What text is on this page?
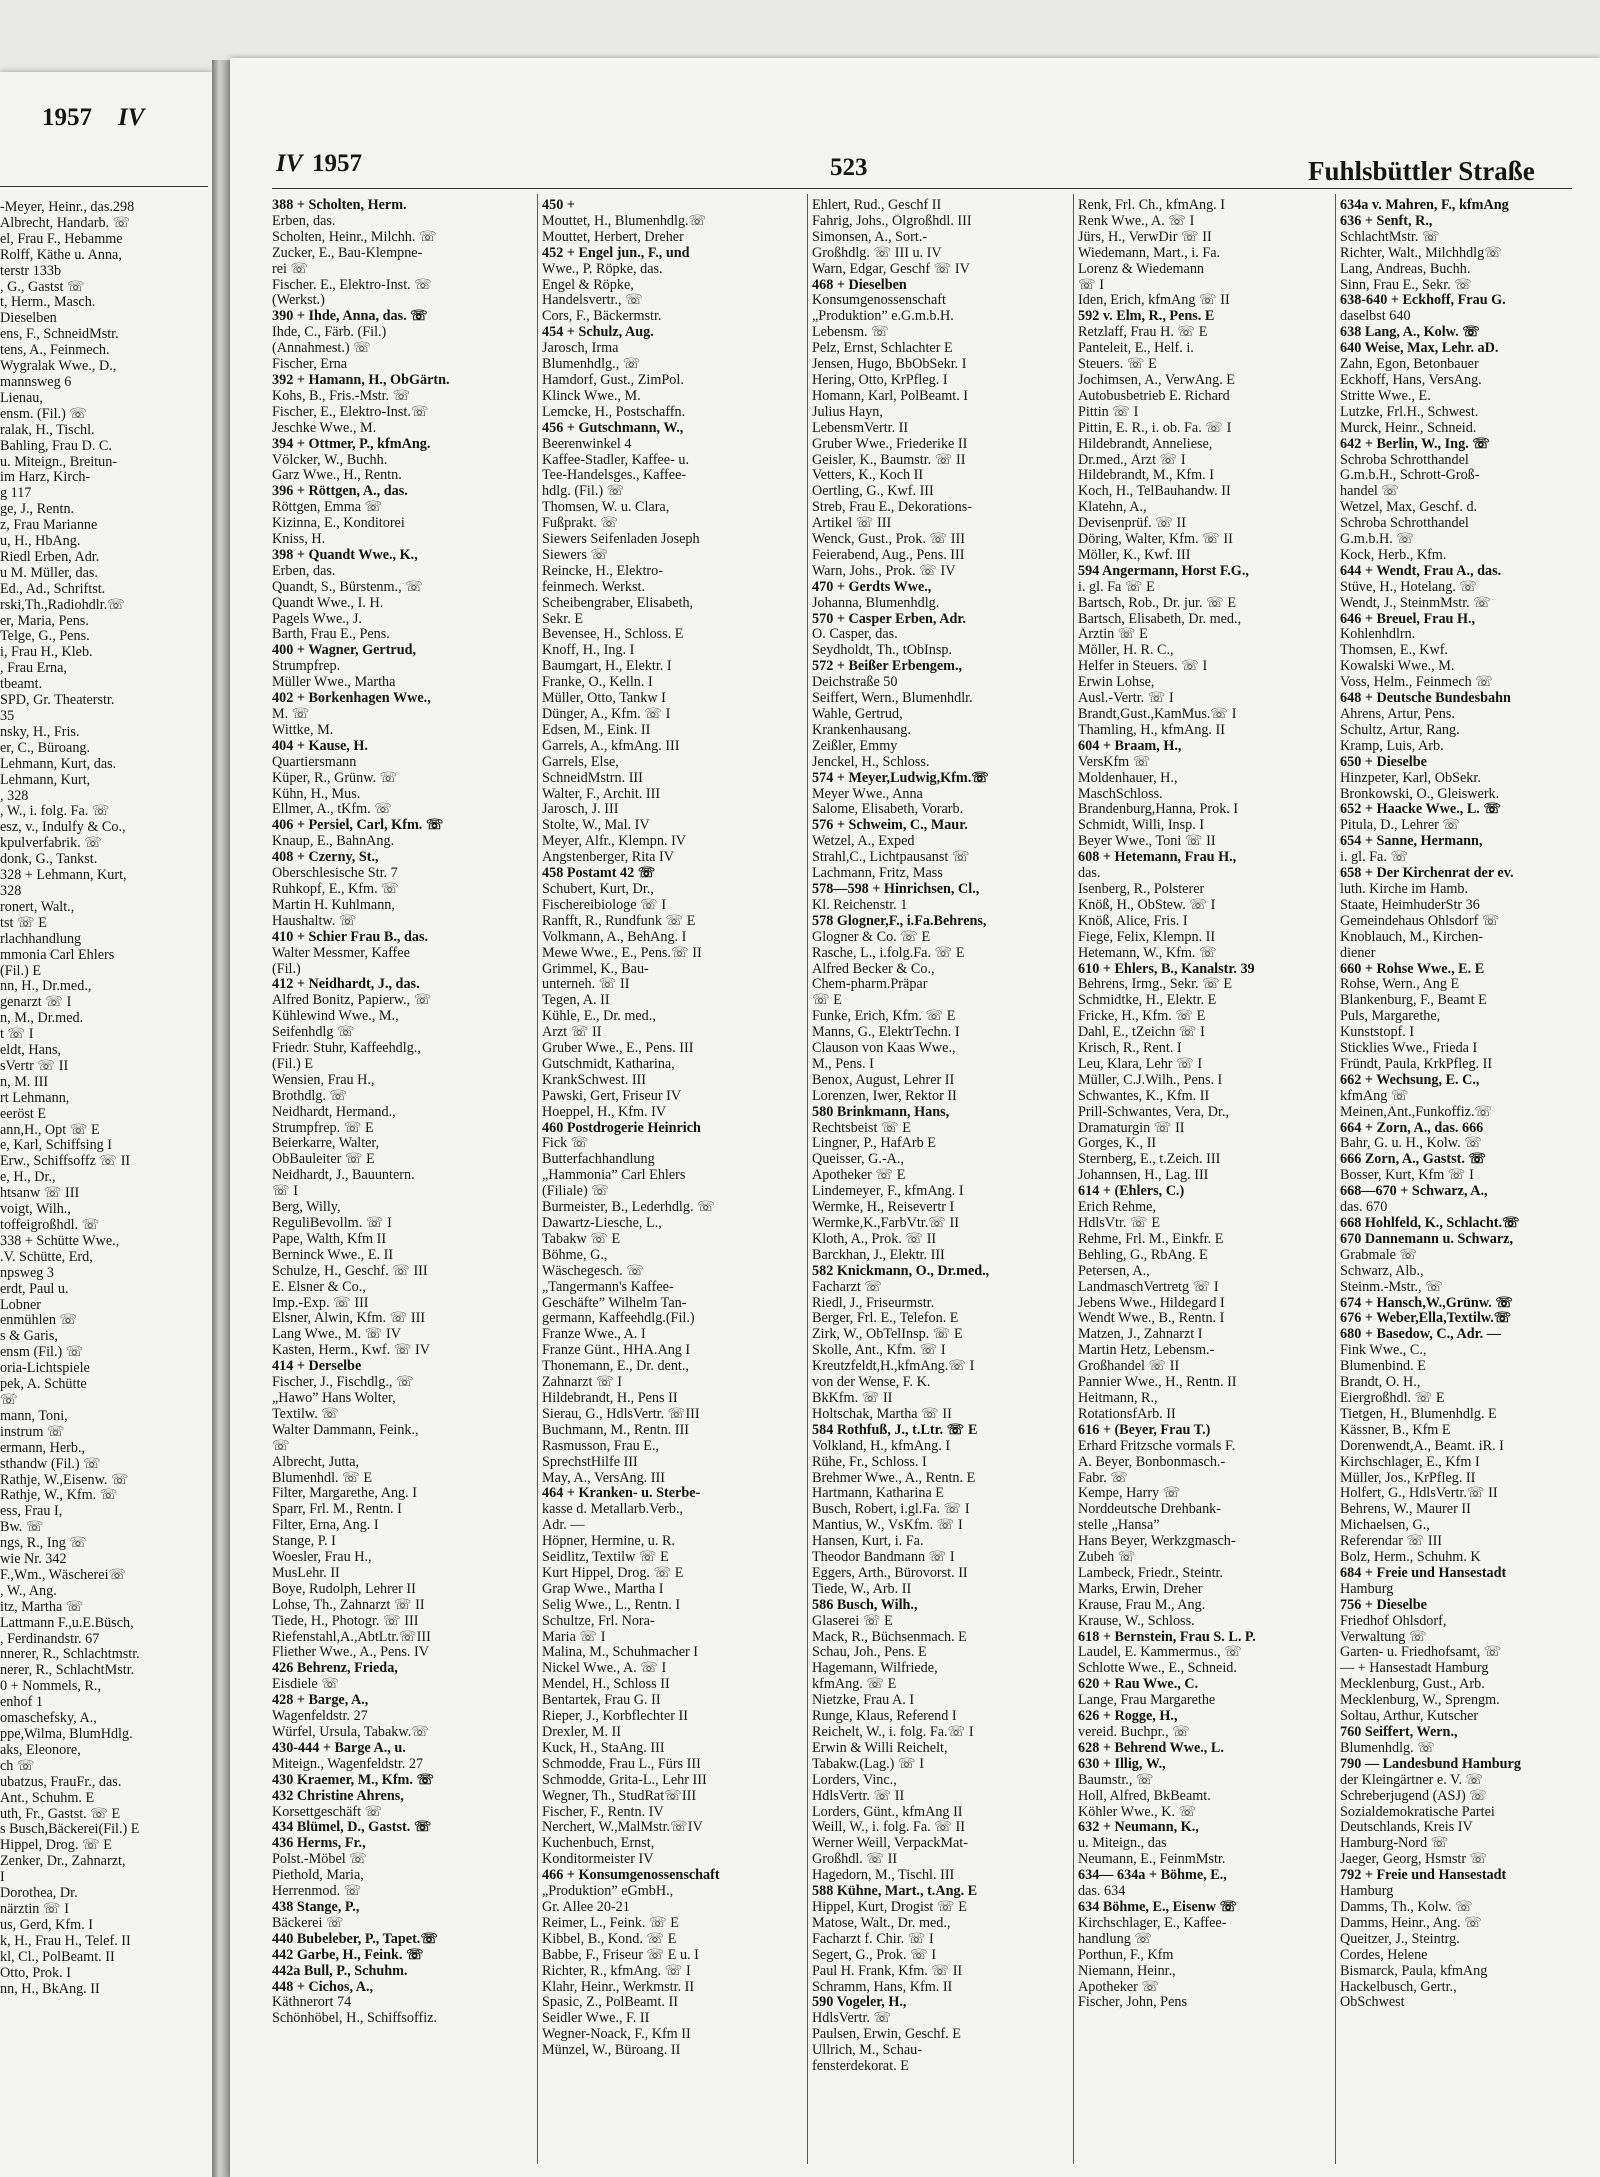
1957 IV
-Meyer, Heinr., das.298
Albrecht, Handarb. ☏
el, Frau F., Hebamme
Rolff, Käthe u. Anna,
terstr 133b
, G., Gastst ☏
t, Herm., Masch.
Dieselben
ens, F., SchneidMstr.
tens, A., Feinmech.
Wygralak Wwe., D.,
mannsweg 6
Lienau,
ensm. (Fil.) ☏
ralak, H., Tischl.
Bahling, Frau D. C.
u. Miteign., Breitun-
im Harz, Kirch-
g 117
ge, J., Rentn.
z, Frau Marianne
u, H., HbAng.
Riedl Erben, Adr.
u M. Müller, das.
Ed., Ad., Schriftst.
rski,Th.,Radiohdlr.☏
er, Maria, Pens.
Telge, G., Pens.
i, Frau H., Kleb.
, Frau Erna,
tbeamt.
SPD, Gr. Theaterstr.
35
nsky, H., Fris.
er, C., Büroang.
Lehmann, Kurt, das.
Lehmann, Kurt,
, 328
, W., i. folg. Fa. ☏
esz, v., Indulfy & Co.,
kpulverfabrik. ☏
donk, G., Tankst.
328 + Lehmann, Kurt,
328
ronert, Walt.,
tst ☏ E
rlachhandlung
mmonia Carl Ehlers
(Fil.) E
nn, H., Dr.med.,
genarzt ☏ I
n, M., Dr.med.
t ☏ I
eldt, Hans,
sVertr ☏ II
n, M. III
rt Lehmann,
eeröst E
ann,H., Opt ☏ E
e, Karl, Schiffsing I
Erw., Schiffsoffz ☏ II
e, H., Dr.,
htsanw ☏ III
voigt, Wilh.,
toffeigroßhdl. ☏
338 + Schütte Wwe.,
.V. Schütte, Erd,
npsweg 3
erdt, Paul u.
Lobner
enmühlen ☏
s & Garis,
ensm (Fil.) ☏
oria-Lichtspiele
pek, A. Schütte
☏
mann, Toni,
instrum ☏
ermann, Herb.,
sthandw (Fil.) ☏
Rathje, W.,Eisenw. ☏
Rathje, W., Kfm. ☏
ess, Frau I,
Bw. ☏
ngs, R., Ing ☏
wie Nr. 342
F.,Wm., Wäscherei☏
, W., Ang.
itz, Martha ☏
Lattmann F.,u.E.Büsch,
, Ferdinandstr. 67
nnerer, R., Schlachtmstr.
nerer, R., SchlachtMstr.
0 + Nommels, R.,
enhof 1
omaschefsky, A.,
ppe,Wilma, BlumHdlg.
aks, Eleonore,
ch ☏
ubatzus, FrauFr., das.
Ant., Schuhm. E
uth, Fr., Gastst. ☏ E
s Busch,Bäckerei(Fil.) E
Hippel, Drog. ☏ E
Zenker, Dr., Zahnarzt,
I
Dorothea, Dr.
närztin ☏ I
us, Gerd, Kfm. I
k, H., Frau H., Telef. II
kl, Cl., PolBeamt. II
Otto, Prok. I
nn, H., BkAng. II
IV 1957	523	Fuhlsbüttler Straße
388 + Scholten, Herm.
Erben, das.
Scholten, Heinr., Milchh. ☏
Zucker, E., Bau-Klempne-
rei ☏
Fischer. E., Elektro-Inst. ☏
(Werkst.)
390 + Ihde, Anna, das. ☏
Ihde, C., Färb. (Fil.)
(Annahmest.) ☏
Fischer, Erna
392 + Hamann, H., ObGärtn.
Kohs, B., Fris.-Mstr. ☏
Fischer, E., Elektro-Inst.☏
Jeschke Wwe., M.
394 + Ottmer, P., kfmAng.
Völcker, W., Buchh.
Garz Wwe., H., Rentn.
396 + Röttgen, A., das.
Röttgen, Emma ☏
Kizinna, E., Konditorei
Kniss, H.
398 + Quandt Wwe., K.,
Erben, das.
Quandt, S., Bürstenm., ☏
Quandt Wwe., I. H.
Pagels Wwe., J.
Barth, Frau E., Pens.
400 + Wagner, Gertrud,
Strumpfrep.
Müller Wwe., Martha
402 + Borkenhagen Wwe.,
M. ☏
Wittke, M.
404 + Kause, H.
Quartiersmann
Küper, R., Grünw. ☏
Kühn, H., Mus.
Ellmer, A., tKfm. ☏
406 + Persiel, Carl, Kfm. ☏
Knaup, E., BahnAng.
408 + Czerny, St.,
Oberschlesische Str. 7
Ruhkopf, E., Kfm. ☏
Martin H. Kuhlmann,
Haushaltw. ☏
410 + Schier Frau B., das.
Walter Messmer, Kaffee
(Fil.)
412 + Neidhardt, J., das.
Alfred Bonitz, Papierw., ☏
Kühlewind Wwe., M.,
Seifenhdlg ☏
Friedr. Stuhr, Kaffeehdlg.,
(Fil.) E
Wensien, Frau H.,
Brothdlg. ☏
Neidhardt, Hermand.,
Strumpfrep. ☏ E
Beierkarre, Walter,
ObBauleiter ☏ E
Neidhardt, J., Bauuntern.
☏ I
Berg, Willy,
ReguliBevollm. ☏ I
Pape, Walth, Kfm II
Berninck Wwe., E. II
Schulze, H., Geschf. ☏ III
E. Elsner & Co.,
Imp.-Exp. ☏ III
Elsner, Alwin, Kfm. ☏ III
Lang Wwe., M. ☏ IV
Kasten, Herm., Kwf. ☏ IV
414 + Derselbe
Fischer, J., Fischdlg., ☏
„Hawo” Hans Wolter,
Textilw. ☏
Walter Dammann, Feink.,
☏
Albrecht, Jutta,
Blumenhdl. ☏ E
Filter, Margarethe, Ang. I
Sparr, Frl. M., Rentn. I
Filter, Erna, Ang. I
Stange, P. I
Woesler, Frau H.,
MusLehr. II
Boye, Rudolph, Lehrer II
Lohse, Th., Zahnarzt ☏ II
Tiede, H., Photogr. ☏ III
Riefenstahl,A.,AbtLtr.☏III
Fliether Wwe., A., Pens. IV
426 Behrenz, Frieda,
Eisdiele ☏
428 + Barge, A.,
Wagenfeldstr. 27
Würfel, Ursula, Tabakw.☏
430-444 + Barge A., u.
Miteign., Wagenfeldstr. 27
430 Kraemer, M., Kfm. ☏
432 Christine Ahrens,
Korsettgeschäft ☏
434 Blümel, D., Gastst. ☏
436 Herms, Fr.,
Polst.-Möbel ☏
Piethold, Maria,
Herrenmod. ☏
438 Stange, P.,
Bäckerei ☏
440 Bubeleber, P., Tapet.☏
442 Garbe, H., Feink. ☏
442a Bull, P., Schuhm.
448 + Cichos, A.,
Käthnerort 74
Schönhöbel, H., Schiffsoffiz.
450 +
Mouttet, H., Blumenhdlg.☏
Mouttet, Herbert, Dreher
452 + Engel jun., F., und
Wwe., P. Röpke, das.
Engel & Röpke,
Handelsvertr., ☏
Cors, F., Bäckermstr.
454 + Schulz, Aug.
Jarosch, Irma
Blumenhdlg., ☏
Hamdorf, Gust., ZimPol.
Klinck Wwe., M.
Lemcke, H., Postschaffn.
456 + Gutschmann, W.,
Beerenwinkel 4
Kaffee-Stadler, Kaffee- u.
Tee-Handelsges., Kaffee-
hdlg. (Fil.) ☏
Thomsen, W. u. Clara,
Fußprakt. ☏
Siewers Seifenladen Joseph
Siewers ☏
Reincke, H., Elektro-
feinmech. Werkst.
Scheibengraber, Elisabeth,
Sekr. E
Bevensee, H., Schloss. E
Knoff, H., Ing. I
Baumgart, H., Elektr. I
Franke, O., Kelln. I
Müller, Otto, Tankw I
Dünger, A., Kfm. ☏ I
Edsen, M., Eink. II
Garrels, A., kfmAng. III
Garrels, Else,
SchneidMstrn. III
Walter, F., Archit. III
Jarosch, J. III
Stolte, W., Mal. IV
Meyer, Alfr., Klempn. IV
Angstenberger, Rita IV
458 Postamt 42 ☏
Schubert, Kurt, Dr.,
Fischereibiologe ☏ I
Ranfft, R., Rundfunk ☏ E
Volkmann, A., BehAng. I
Mewe Wwe., E., Pens.☏ II
Grimmel, K., Bau-
unterneh. ☏ II
Tegen, A. II
Kühle, E., Dr. med.,
Arzt ☏ II
Gruber Wwe., E., Pens. III
Gutschmidt, Katharina,
KrankSchwest. III
Pawski, Gert, Friseur IV
Hoeppel, H., Kfm. IV
460 Postdrogerie Heinrich
Fick ☏
Butterfachhandlung
„Hammonia” Carl Ehlers
(Filiale) ☏
Burmeister, B., Lederhdlg. ☏
Dawartz-Liesche, L.,
Tabakw ☏ E
Böhme, G.,
Wäschegesch. ☏
„Tangermann's Kaffee-
Geschäfte” Wilhelm Tan-
germann, Kaffeehdlg.(Fil.)
Franze Wwe., A. I
Franze Günt., HHA.Ang I
Thonemann, E., Dr. dent.,
Zahnarzt ☏ I
Hildebrandt, H., Pens II
Sierau, G., HdlsVertr. ☏III
Buchmann, M., Rentn. III
Rasmusson, Frau E.,
SprechstHilfe III
May, A., VersAng. III
464 + Kranken- u. Sterbe-
kasse d. Metallarb.Verb.,
Adr. —
Höpner, Hermine, u. R.
Seidlitz, Textilw ☏ E
Kurt Hippel, Drog. ☏ E
Grap Wwe., Martha I
Selig Wwe., L., Rentn. I
Schultze, Frl. Nora-
Maria ☏ I
Malina, M., Schuhmacher I
Nickel Wwe., A. ☏ I
Mendel, H., Schloss II
Bentartek, Frau G. II
Rieper, J., Korbflechter II
Drexler, M. II
Kuck, H., StaAng. III
Schmodde, Frau L., Fürs III
Schmodde, Grita-L., Lehr III
Wegner, Th., StudRat☏III
Fischer, F., Rentn. IV
Nerchert, W.,MalMstr.☏IV
Kuchenbuch, Ernst,
Konditormeister IV
466 + Konsumgenossenschaft
„Produktion” eGmbH.,
Gr. Allee 20-21
Reimer, L., Feink. ☏ E
Kibbel, B., Kond. ☏ E
Babbe, F., Friseur ☏ E u. I
Richter, R., kfmAng. ☏ I
Klahr, Heinr., Werkmstr. II
Spasic, Z., PolBeamt. II
Seidler Wwe., F. II
Wegner-Noack, F., Kfm II
Münzel, W., Büroang. II
Ehlert, Rud., Geschf II
Fahrig, Johs., Ölgroßhdl. III
Simonsen, A., Sort.-
Großhdlg. ☏ III u. IV
Warn, Edgar, Geschf ☏ IV
468 + Dieselben
Konsumgenossenschaft
„Produktion” e.G.m.b.H.
Lebensm. ☏
Pelz, Ernst, Schlachter E
Jensen, Hugo, BbObSekr. I
Hering, Otto, KrPfleg. I
Homann, Karl, PolBeamt. I
Julius Hayn,
LebensmVertr. II
Gruber Wwe., Friederike II
Geisler, K., Baumstr. ☏ II
Vetters, K., Koch II
Oertling, G., Kwf. III
Streb, Frau E., Dekorations-
Artikel ☏ III
Wenck, Gust., Prok. ☏ III
Feierabend, Aug., Pens. III
Warn, Johs., Prok. ☏ IV
470 + Gerdts Wwe.,
Johanna, Blumenhdlg.
570 + Casper Erben, Adr.
O. Casper, das.
Seydholdt, Th., tObInsp.
572 + Beißer Erbengem.,
Deichstraße 50
Seiffert, Wern., Blumenhdlr.
Wahle, Gertrud,
Krankenhausang.
Zeißler, Emmy
Jenckel, H., Schloss.
574 + Meyer,Ludwig,Kfm.☏
Meyer Wwe., Anna
Salome, Elisabeth, Vorarb.
576 + Schweim, C., Maur.
Wetzel, A., Exped
Strahl,C., Lichtpausanst ☏
Lachmann, Fritz, Mass
578—598 + Hinrichsen, Cl.,
Kl. Reichenstr. 1
578 Glogner,F., i.Fa.Behrens,
Glogner & Co. ☏ E
Rasche, L., i.folg.Fa. ☏ E
Alfred Becker & Co.,
Chem-pharm.Präpar
☏ E
Funke, Erich, Kfm. ☏ E
Manns, G., ElektrTechn. I
Clauson von Kaas Wwe.,
M., Pens. I
Benox, August, Lehrer II
Lorenzen, Iwer, Rektor II
580 Brinkmann, Hans,
Rechtsbeist ☏ E
Lingner, P., HafArb E
Queisser, G.-A.,
Apotheker ☏ E
Lindemeyer, F., kfmAng. I
Wermke, H., Reisevertr I
Wermke,K.,FarbVtr.☏ II
Kloth, A., Prok. ☏ II
Barckhan, J., Elektr. III
582 Knickmann, O., Dr.med.,
Facharzt ☏
Riedl, J., Friseurmstr.
Berger, Frl. E., Telefon. E
Zirk, W., ObTelInsp. ☏ E
Skolle, Ant., Kfm. ☏ I
Kreutzfeldt,H.,kfmAng.☏ I
von der Wense, F. K.
BkKfm. ☏ II
Holtschak, Martha ☏ II
584 Rothfuß, J., t.Ltr. ☏ E
Volkland, H., kfmAng. I
Rühe, Fr., Schloss. I
Brehmer Wwe., A., Rentn. E
Hartmann, Katharina E
Busch, Robert, i.gl.Fa. ☏ I
Mantius, W., VsKfm. ☏ I
Hansen, Kurt, i. Fa.
Theodor Bandmann ☏ I
Eggers, Arth., Bürovorst. II
Tiede, W., Arb. II
586 Busch, Wilh.,
Glaserei ☏ E
Mack, R., Büchsenmach. E
Schau, Joh., Pens. E
Hagemann, Wilfriede,
kfmAng. ☏ E
Nietzke, Frau A. I
Runge, Klaus, Referend I
Reichelt, W., i. folg. Fa.☏ I
Erwin & Willi Reichelt,
Tabakw.(Lag.) ☏ I
Lorders, Vinc.,
HdlsVertr. ☏ II
Lorders, Günt., kfmAng II
Weill, W., i. folg. Fa. ☏ II
Werner Weill, VerpackMat-
Großhdl. ☏ II
Hagedorn, M., Tischl. III
588 Kühne, Mart., t.Ang. E
Hippel, Kurt, Drogist ☏ E
Matose, Walt., Dr. med.,
Facharzt f. Chir. ☏ I
Segert, G., Prok. ☏ I
Paul H. Frank, Kfm. ☏ II
Schramm, Hans, Kfm. II
590 Vogeler, H.,
HdlsVertr. ☏
Paulsen, Erwin, Geschf. E
Ullrich, M., Schau-
fensterdekorat. E
Renk, Frl. Ch., kfmAng. I
Renk Wwe., A. ☏ I
Jürs, H., VerwDir ☏ II
Wiedemann, Mart., i. Fa.
Lorenz & Wiedemann
☏ I
Iden, Erich, kfmAng ☏ II
592 v. Elm, R., Pens. E
Retzlaff, Frau H. ☏ E
Panteleit, E., Helf. i.
Steuers. ☏ E
Jochimsen, A., VerwAng. E
Autobusbetrieb E. Richard
Pittin ☏ I
Pittin, E. R., i. ob. Fa. ☏ I
Hildebrandt, Anneliese,
Dr.med., Ärzt ☏ I
Hildebrandt, M., Kfm. I
Koch, H., TelBauhandw. II
Klatehn, A.,
Devisenprüf. ☏ II
Döring, Walter, Kfm. ☏ II
Möller, K., Kwf. III
594 Angermann, Horst F.G.,
i. gl. Fa ☏ E
Bartsch, Rob., Dr. jur. ☏ E
Bartsch, Elisabeth, Dr. med.,
Ärztin ☏ E
Möller, H. R. C.,
Helfer in Steuers. ☏ I
Erwin Lohse,
Ausl.-Vertr. ☏ I
Brandt,Gust.,KamMus.☏ I
Thamling, H., kfmAng. II
604 + Braam, H.,
VersKfm ☏
Moldenhauer, H.,
MaschSchloss.
Brandenburg,Hanna, Prok. I
Schmidt, Willi, Insp. I
Beyer Wwe., Toni ☏ II
608 + Hetemann, Frau H.,
das.
Isenberg, R., Polsterer
Knöß, H., ObStew. ☏ I
Knöß, Alice, Fris. I
Fiege, Felix, Klempn. II
Hetemann, W., Kfm. ☏
610 + Ehlers, B., Kanalstr. 39
Behrens, Irmg., Sekr. ☏ E
Schmidtke, H., Elektr. E
Fricke, H., Kfm. ☏ E
Dahl, E., tZeichn ☏ I
Krisch, R., Rent. I
Leu, Klara, Lehr ☏ I
Müller, C.J.Wilh., Pens. I
Schwantes, K., Kfm. II
Prill-Schwantes, Vera, Dr.,
Dramaturgin ☏ II
Gorges, K., II
Sternberg, E., t.Zeich. III
Johannsen, H., Lag. III
614 + (Ehlers, C.)
Erich Rehme,
HdlsVtr. ☏ E
Rehme, Frl. M., Einkfr. E
Behling, G., RbAng. E
Petersen, A.,
LandmaschVertretg ☏ I
Jebens Wwe., Hildegard I
Wendt Wwe., B., Rentn. I
Matzen, J., Zahnarzt I
Martin Hetz, Lebensm.-
Großhandel ☏ II
Pannier Wwe., H., Rentn. II
Heitmann, R.,
RotationsfArb. II
616 + (Beyer, Frau T.)
Erhard Fritzsche vormals F.
A. Beyer, Bonbonmasch.-
Fabr. ☏
Kempe, Harry ☏
Norddeutsche Drehbank-
stelle „Hansa”
Hans Beyer, Werkzgmasch-
Zubeh ☏
Lambeck, Friedr., Steintr.
Marks, Erwin, Dreher
Krause, Frau M., Ang.
Krause, W., Schloss.
618 + Bernstein, Frau S. L. P.
Laudel, E. Kammermus., ☏
Schlotte Wwe., E., Schneid.
620 + Rau Wwe., C.
Lange, Frau Margarethe
626 + Rogge, H.,
vereid. Buchpr., ☏
628 + Behrend Wwe., L.
630 + Illig, W.,
Baumstr., ☏
Holl, Alfred, BkBeamt.
Köhler Wwe., K. ☏
632 + Neumann, K.,
u. Miteign., das
Neumann, E., FeinmMstr.
634— 634a + Böhme, E.,
das. 634
634 Böhme, E., Eisenw ☏
Kirchschlager, E., Kaffee-
handlung ☏
Porthun, F., Kfm
Niemann, Heinr.,
Apotheker ☏
Fischer, John, Pens
634a v. Mahren, F., kfmAng
636 + Senft, R.,
SchlachtMstr. ☏
Richter, Walt., Milchhdlg☏
Lang, Andreas, Buchh.
Sinn, Frau E., Sekr. ☏
638-640 + Eckhoff, Frau G.
daselbst 640
638 Lang, A., Kolw. ☏
640 Weise, Max, Lehr. aD.
Zahn, Egon, Betonbauer
Eckhoff, Hans, VersAng.
Stritte Wwe., E.
Lutzke, Frl.H., Schwest.
Murck, Heinr., Schneid.
642 + Berlin, W., Ing. ☏
Schroba Schrotthandel
G.m.b.H., Schrott-Groß-
handel ☏
Wetzel, Max, Geschf. d.
Schroba Schrotthandel
G.m.b.H. ☏
Kock, Herb., Kfm.
644 + Wendt, Frau A., das.
Stüve, H., Hotelang. ☏
Wendt, J., SteinmMstr. ☏
646 + Breuel, Frau H.,
Kohlenhdlrn.
Thomsen, E., Kwf.
Kowalski Wwe., M.
Voss, Helm., Feinmech ☏
648 + Deutsche Bundesbahn
Ahrens, Artur, Pens.
Schultz, Artur, Rang.
Kramp, Luis, Arb.
650 + Dieselbe
Hinzpeter, Karl, ObSekr.
Bronkowski, O., Gleiswerk.
652 + Haacke Wwe., L. ☏
Pitula, D., Lehrer ☏
654 + Sanne, Hermann,
i. gl. Fa. ☏
658 + Der Kirchenrat der ev.
luth. Kirche im Hamb.
Staate, HeimhuderStr 36
Gemeindehaus Ohlsdorf ☏
Knoblauch, M., Kirchen-
diener
660 + Rohse Wwe., E. E
Rohse, Wern., Ang E
Blankenburg, F., Beamt E
Puls, Margarethe,
Kunststopf. I
Sticklies Wwe., Frieda I
Fründt, Paula, KrkPfleg. II
662 + Wechsung, E. C.,
kfmAng ☏
Meinen,Ant.,Funkoffiz.☏
664 + Zorn, A., das. 666
Bahr, G. u. H., Kolw. ☏
666 Zorn, A., Gastst. ☏
Bosser, Kurt, Kfm ☏ I
668—670 + Schwarz, A.,
das. 670
668 Hohlfeld, K., Schlacht.☏
670 Dannemann u. Schwarz,
Grabmale ☏
Schwarz, Alb.,
Steinm.-Mstr., ☏
674 + Hansch,W.,Grünw. ☏
676 + Weber,Ella,Textilw.☏
680 + Basedow, C., Adr. —
Fink Wwe., C.,
Blumenbind. E
Brandt, O. H.,
Eiergroßhdl. ☏ E
Tietgen, H., Blumenhdlg. E
Kässner, B., Kfm E
Dorenwendt,A., Beamt. iR. I
Kirchschlager, E., Kfm I
Müller, Jos., KrPfleg. II
Holfert, G., HdlsVertr.☏ II
Behrens, W., Maurer II
Michaelsen, G.,
Referendar ☏ III
Bolz, Herm., Schuhm. K
684 + Freie und Hansestadt
Hamburg
756 + Dieselbe
Friedhof Ohlsdorf,
Verwaltung ☏
Garten- u. Friedhofsamt, ☏
— + Hansestadt Hamburg
Mecklenburg, Gust., Arb.
Mecklenburg, W., Sprengm.
Soltau, Arthur, Kutscher
760 Seiffert, Wern.,
Blumenhdlg. ☏
790 — Landesbund Hamburg
der Kleingärtner e. V. ☏
Schreberjugend (ASJ) ☏
Sozialdemokratische Partei
Deutschlands, Kreis IV
Hamburg-Nord ☏
Jaeger, Georg, Hsmstr ☏
792 + Freie und Hansestadt
Hamburg
Damms, Th., Kolw. ☏
Damms, Heinr., Ang. ☏
Queitzer, J., Steintrg.
Cordes, Helene
Bismarck, Paula, kfmAng
Hackelbusch, Gertr.,
ObSchwest
